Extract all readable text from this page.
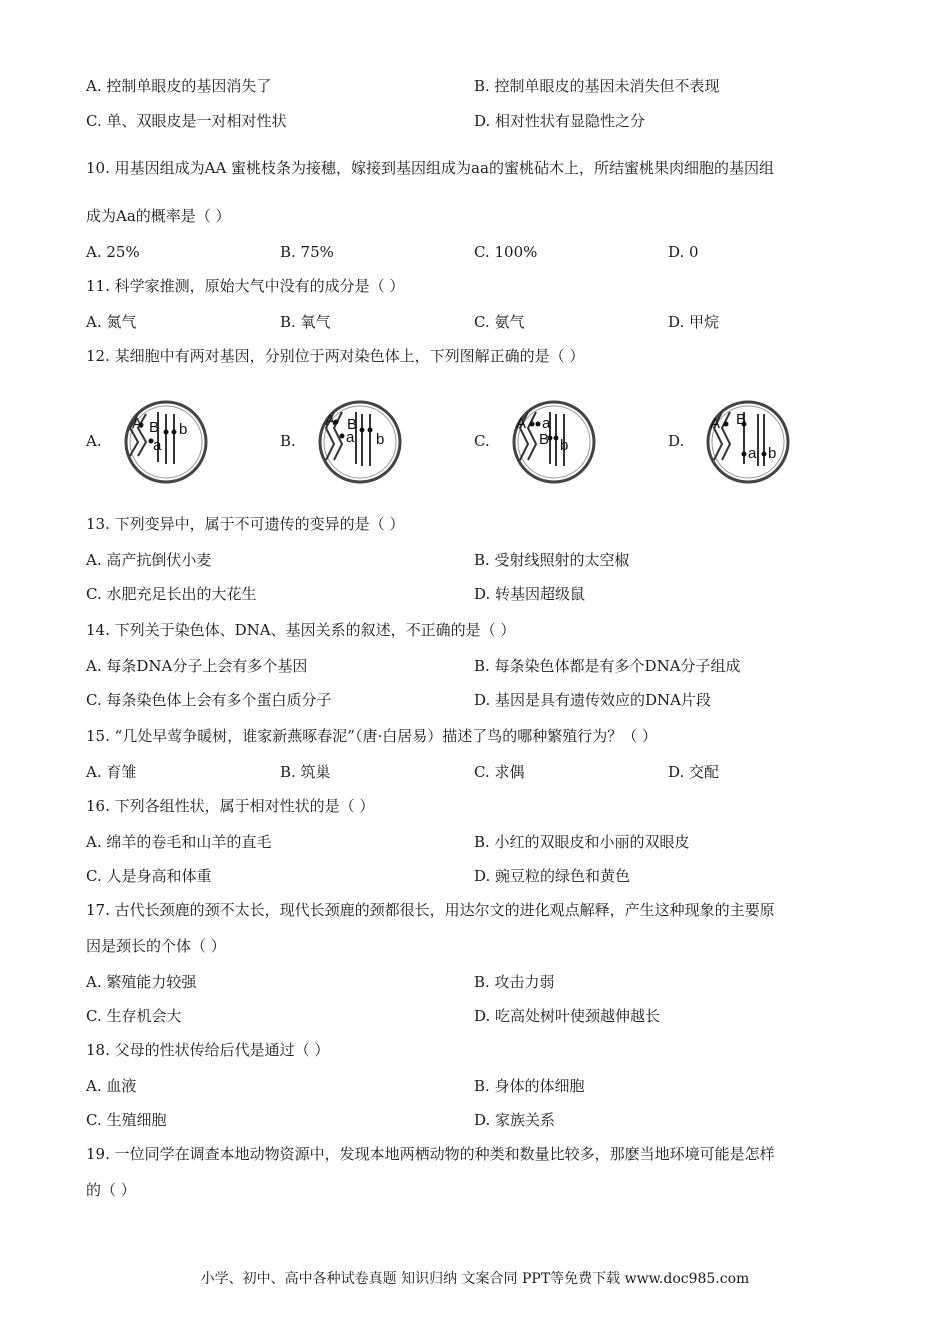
A. 控制单眼皮的基因消失了	B. 控制单眼皮的基因未消失但不表现
C. 单、双眼皮是一对相对性状	D. 相对性状有显隐性之分
10. 用基因组成为AA 蜜桃枝条为接穗，嫁接到基因组成为aa的蜜桃砧木上，所结蜜桃果肉细胞的基因组
成为Aa的概率是（ ）
A. 25%	B. 75%	C. 100%	D. 0
11. 科学家推测，原始大气中没有的成分是（ ）
A. 氮气	B. 氧气	C. 氨气	D. 甲烷
12. 某细胞中有两对基因，分别位于两对染色体上，下列图解正确的是（ ）
A.
A
a
B b
B.
A
a
B
b	C.
A a
B b	D.
A B
a b
13. 下列变异中，属于不可遗传的变异的是（ ）
A. 高产抗倒伏小麦	B. 受射线照射的太空椒
C. 水肥充足长出的大花生	D. 转基因超级鼠
14. 下列关于染色体、DNA、基因关系的叙述，不正确的是（ ）
A. 每条DNA分子上会有多个基因	B. 每条染色体都是有多个DNA分子组成
C. 每条染色体上会有多个蛋白质分子	D. 基因是具有遗传效应的DNA片段
15. “几处早莺争暖树，谁家新燕啄春泥”（唐·白居易）描述了鸟的哪种繁殖行为？（ ）
A. 育雏	B. 筑巢	C. 求偶	D. 交配
16. 下列各组性状，属于相对性状的是（ ）
A. 绵羊的卷毛和山羊的直毛	B. 小红的双眼皮和小丽的双眼皮
C. 人是身高和体重	D. 豌豆粒的绿色和黄色
17. 古代长颈鹿的颈不太长，现代长颈鹿的颈都很长，用达尔文的进化观点解释，产生这种现象的主要原
因是颈长的个体（ ）
A. 繁殖能力较强	B. 攻击力弱
C. 生存机会大	D. 吃高处树叶使颈越伸越长
18. 父母的性状传给后代是通过（ ）
A. 血液	B. 身体的体细胞
C. 生殖细胞	D. 家族关系
19. 一位同学在调查本地动物资源中，发现本地两栖动物的种类和数量比较多，那麽当地环境可能是怎样
的（ ）
小学、初中、高中各种试卷真题 知识归纳 文案合同 PPT等免费下载 www.doc985.com
